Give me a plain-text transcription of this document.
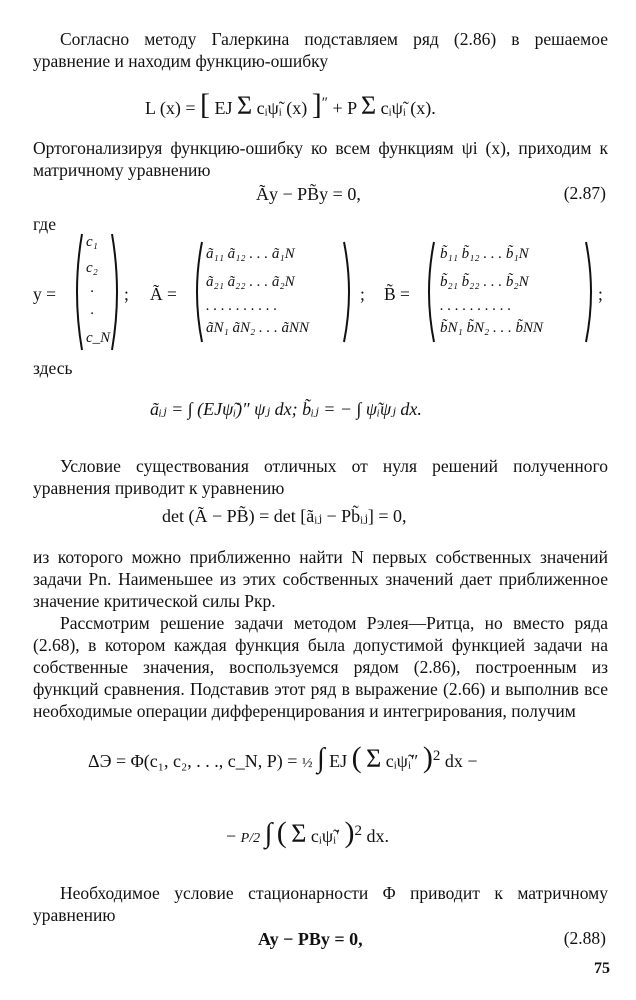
Согласно методу Галеркина подставляем ряд (2.86) в решаемое уравнение и находим функцию-ошибку
L (x) = [ EJ Σ cᵢψ̃ᵢ (x) ]″ + P Σ cᵢψ̃ᵢ (x).
Ортогонализируя функцию-ошибку ко всем функциям ψi (x), приходим к матричному уравнению
Ãy − PB̃y = 0,	(2.87)
где
y =
c₁
c₂
·
·
c_N
; Ã =
ã₁₁ ã₁₂ . . . ã₁N
ã₂₁ ã₂₂ . . . ã₂N
. . . . . . . . . .
ãN₁ ãN₂ . . . ãNN
; B̃ =
b̃₁₁ b̃₁₂ . . . b̃₁N
b̃₂₁ b̃₂₂ . . . b̃₂N
. . . . . . . . . .
b̃N₁ b̃N₂ . . . b̃NN
;
здесь
ãᵢⱼ = ∫ (EJψ̃ᵢ)″ ψⱼ dx; b̃ᵢⱼ = − ∫ ψ̃ᵢψⱼ dx.
Условие существования отличных от нуля решений полученного уравнения приводит к уравнению
det (Ã − PB̃) = det [ãᵢⱼ − Pb̃ᵢⱼ] = 0,
из которого можно приближенно найти N первых собственных значений задачи Pn. Наименьшее из этих собственных значений дает приближенное значение критической силы Pкр.
Рассмотрим решение задачи методом Рэлея—Ритца, но вместо ряда (2.68), в котором каждая функция была допустимой функцией задачи на собственные значения, воспользуемся рядом (2.86), построенным из функций сравнения. Подставив этот ряд в выражение (2.66) и выполнив все необходимые операции дифференцирования и интегрирования, получим
ΔЭ = Φ(c₁, c₂, . . ., c_N, P) = ½ ∫ EJ ( Σ cᵢψ̃ᵢ″ )$^2$ dx −
− P/2 ∫ ( Σ cᵢψ̃ᵢ′ )$^2$ dx.
Необходимое условие стационарности Φ приводит к матричному уравнению
Ay − PBy = 0,	(2.88)
75
